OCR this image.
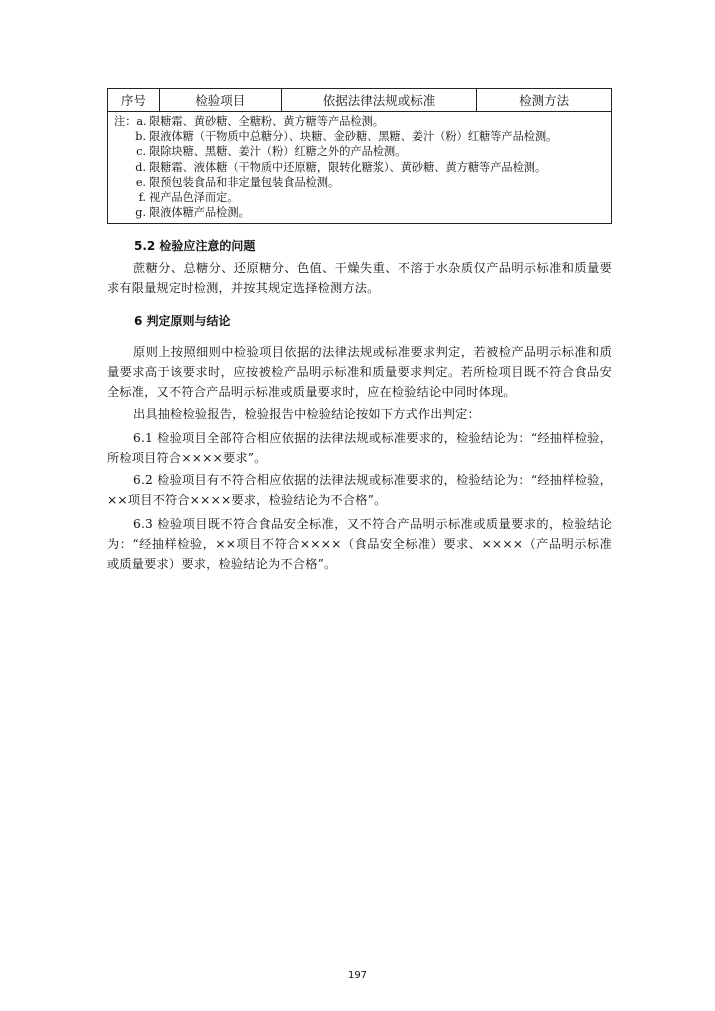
序号	检验项目	依据法律法规或标准	检测方法

注：a. 限糖霜、黄砂糖、全糖粉、黄方糖等产品检测。
b. 限液体糖（干物质中总糖分）、块糖、金砂糖、黑糖、姜汁（粉）红糖等产品检测。
c. 限除块糖、黑糖、姜汁（粉）红糖之外的产品检测。
d. 限糖霜、液体糖（干物质中还原糖，限转化糖浆）、黄砂糖、黄方糖等产品检测。
e. 限预包装食品和非定量包装食品检测。
f. 视产品色泽而定。
g. 限液体糖产品检测。
5.2 检验应注意的问题
蔗糖分、总糖分、还原糖分、色值、干燥失重、不溶于水杂质仅产品明示标准和质量要求有限量规定时检测，并按其规定选择检测方法。
6 判定原则与结论
原则上按照细则中检验项目依据的法律法规或标准要求判定，若被检产品明示标准和质量要求高于该要求时，应按被检产品明示标准和质量要求判定。若所检项目既不符合食品安全标准，又不符合产品明示标准或质量要求时，应在检验结论中同时体现。
出具抽检检验报告，检验报告中检验结论按如下方式作出判定：
6.1 检验项目全部符合相应依据的法律法规或标准要求的，检验结论为：“经抽样检验，所检项目符合××××要求”。
6.2 检验项目有不符合相应依据的法律法规或标准要求的，检验结论为：“经抽样检验，××项目不符合××××要求，检验结论为不合格”。
6.3 检验项目既不符合食品安全标准，又不符合产品明示标准或质量要求的，检验结论为：“经抽样检验，××项目不符合××××（食品安全标准）要求、××××（产品明示标准或质量要求）要求，检验结论为不合格”。
197
